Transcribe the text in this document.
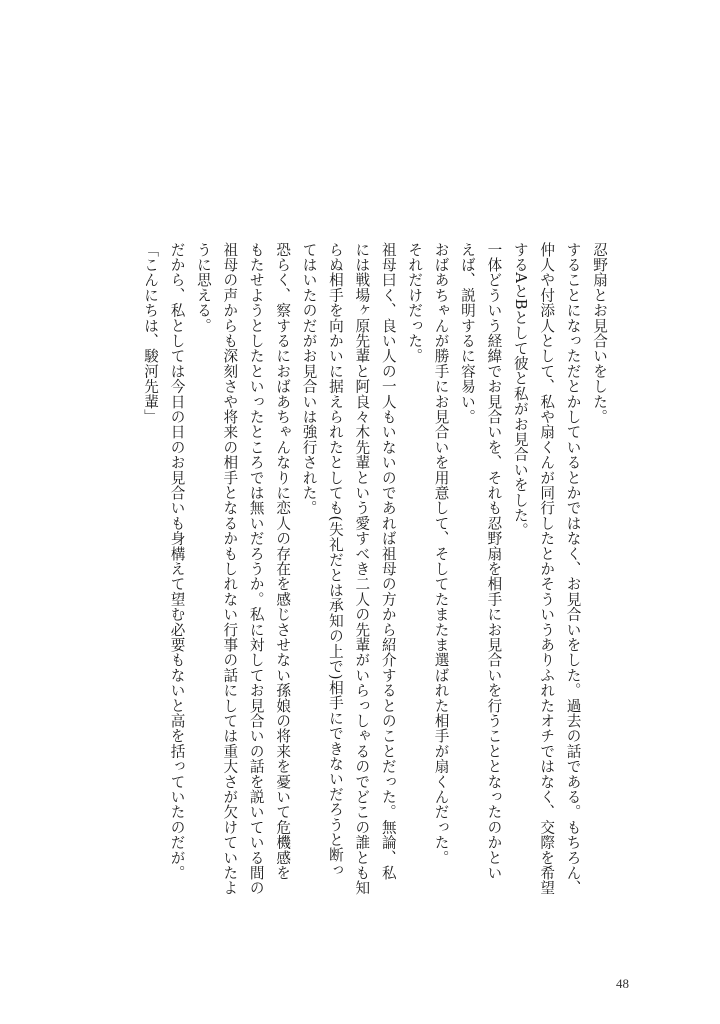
忍野扇とお見合いをした。

することになっただとかしているとかではなく、お見合いをした。過去の話である。もちろん、

仲人や付添人として、私や扇くんが同行したとかそういうありふれたオチではなく、交際を希望

するAとBとして彼と私がお見合いをした。

一体どういう経緯でお見合いを、それも忍野扇を相手にお見合いを行うこととなったのかとい

えば、説明するに容易い。

おばあちゃんが勝手にお見合いを用意して、そしてたまたま選ばれた相手が扇くんだった。

それだけだった。

祖母曰く、良い人の一人もいないのであれば祖母の方から紹介するとのことだった。無論、私

には戦場ヶ原先輩と阿良々木先輩という愛すべき二人の先輩がいらっしゃるのでどこの誰とも知

らぬ相手を向かいに据えられたとしても(失礼だとは承知の上で)相手にできないだろうと断っ

てはいたのだがお見合いは強行された。

恐らく、察するにおばあちゃんなりに恋人の存在を感じさせない孫娘の将来を憂いて危機感を

もたせようとしたといったところでは無いだろうか。私に対してお見合いの話を説いている間の

祖母の声からも深刻さや将来の相手となるかもしれない行事の話にしては重大さが欠けていたよ

うに思える。

だから、私としては今日の日のお見合いも身構えて望む必要もないと高を括っていたのだが。

「こんにちは、駿河先輩」

48
